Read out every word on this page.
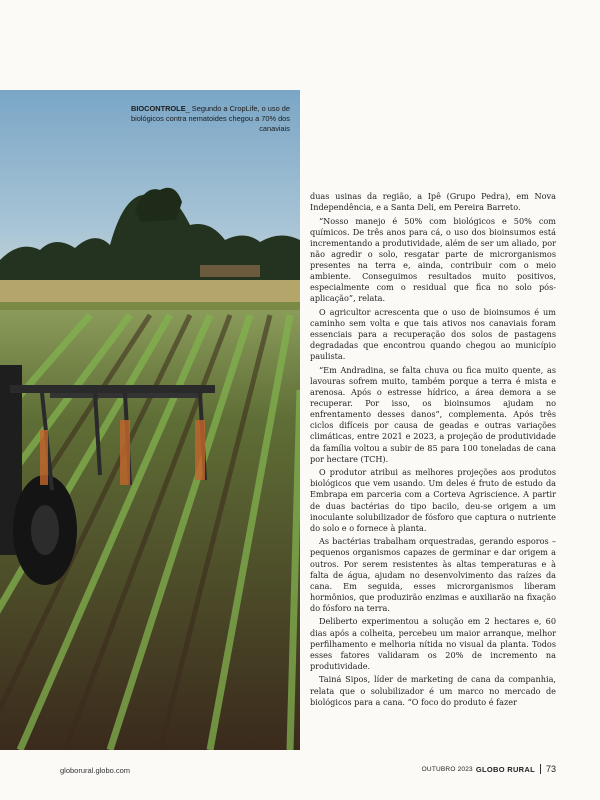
BIOCONTROLE_ Segundo a CropLife, o uso de biológicos contra nematoides chegou a 70% dos canaviais

duas usinas da região, a Ipê (Grupo Pedra), em Nova Independência, e a Santa Deli, em Pereira Barreto.

“Nosso manejo é 50% com biológicos e 50% com químicos. De três anos para cá, o uso dos bioinsumos está incrementando a produtividade, além de ser um aliado, por não agredir o solo, resgatar parte de microrganismos presentes na terra e, ainda, contribuir com o meio ambiente. Conseguimos resultados muito positivos, especialmente com o residual que fica no solo pós-aplicação”, relata.

O agricultor acrescenta que o uso de bioinsumos é um caminho sem volta e que tais ativos nos canaviais foram essenciais para a recuperação dos solos de pastagens degradadas que encontrou quando chegou ao município paulista.

“Em Andradina, se falta chuva ou fica muito quente, as lavouras sofrem muito, também porque a terra é mista e arenosa. Após o estresse hídrico, a área demora a se recuperar. Por isso, os bioinsumos ajudam no enfrentamento desses danos”, complementa. Após três ciclos difíceis por causa de geadas e outras variações climáticas, entre 2021 e 2023, a projeção de produtividade da família voltou a subir de 85 para 100 toneladas de cana por hectare (TCH).

O produtor atribui as melhores projeções aos produtos biológicos que vem usando. Um deles é fruto de estudo da Embrapa em parceria com a Corteva Agriscience. A partir de duas bactérias do tipo bacilo, deu-se origem a um inoculante solubilizador de fósforo que captura o nutriente do solo e o fornece à planta.

As bactérias trabalham orquestradas, gerando esporos – pequenos organismos capazes de germinar e dar origem a outros. Por serem resistentes às altas temperaturas e à falta de água, ajudam no desenvolvimento das raízes da cana. Em seguida, esses microrganismos liberam hormônios, que produzirão enzimas e auxiliarão na fixação do fósforo na terra.

Deliberto experimentou a solução em 2 hectares e, 60 dias após a colheita, percebeu um maior arranque, melhor perfilhamento e melhoria nítida no visual da planta. Todos esses fatores validaram os 20% de incremento na produtividade.

Tainá Sipos, líder de marketing de cana da companhia, relata que o solubilizador é um marco no mercado de biológicos para a cana. “O foco do produto é fazer

globorural.globo.com	OUTUBRO 2023 GLOBO RURAL 73
